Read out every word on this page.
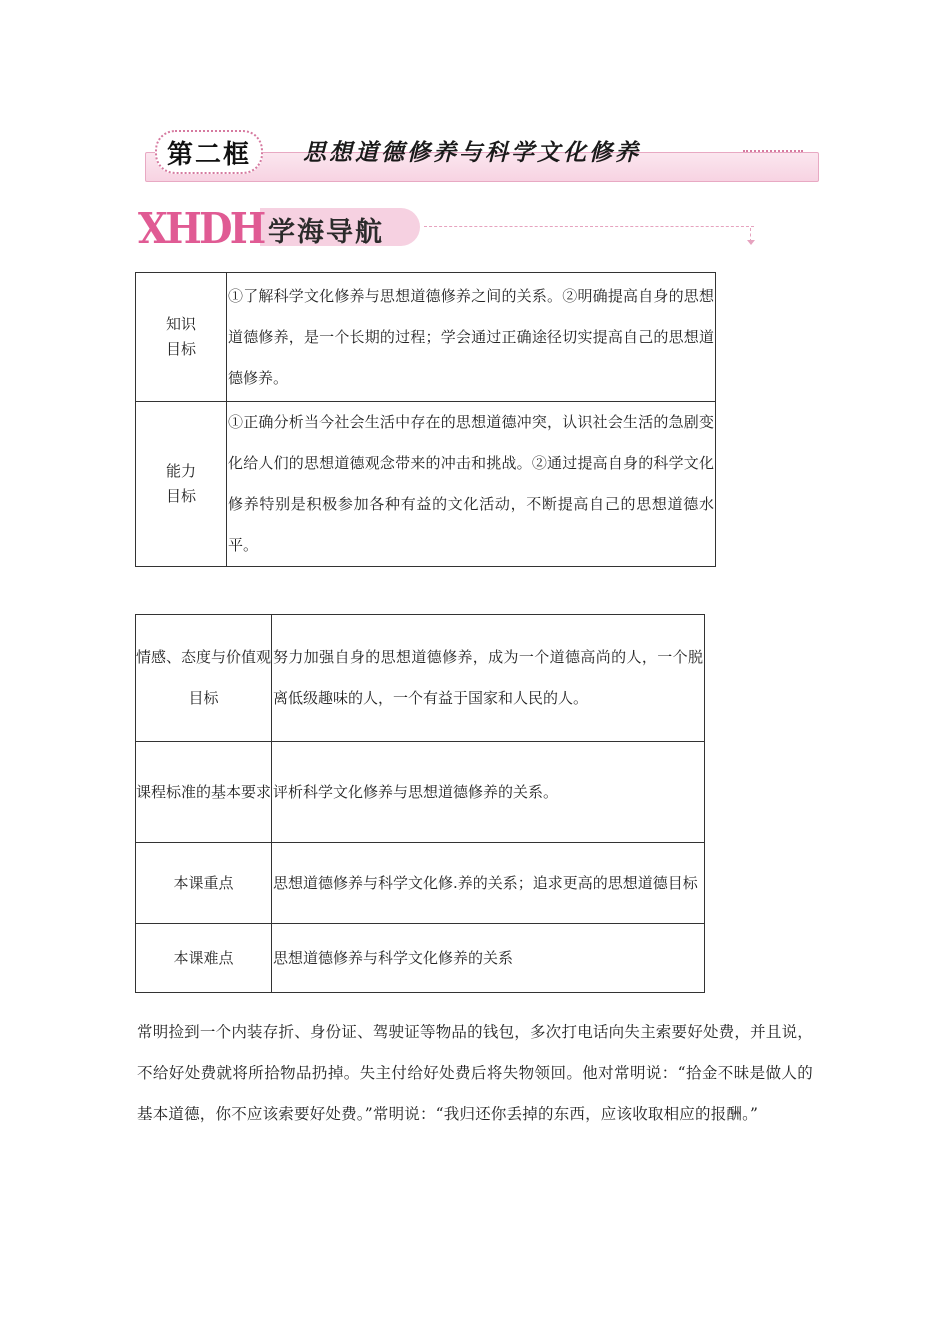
第二框 思想道德修养与科学文化修养
XHDH 学海导航
知识
目标	①了解科学文化修养与思想道德修养之间的关系。②明确提高自身的思想道德修养，是一个长期的过程；学会通过正确途径切实提高自己的思想道德修养。
能力
目标	①正确分析当今社会生活中存在的思想道德冲突，认识社会生活的急剧变化给人们的思想道德观念带来的冲击和挑战。②通过提高自身的科学文化修养特别是积极参加各种有益的文化活动，不断提高自己的思想道德水平。
情感、态度与价值观目标	努力加强自身的思想道德修养，成为一个道德高尚的人，一个脱离低级趣味的人，一个有益于国家和人民的人。
课程标准的基本要求	评析科学文化修养与思想道德修养的关系。
本课重点	思想道德修养与科学文化修.养的关系；追求更高的思想道德目标
本课难点	思想道德修养与科学文化修养的关系
常明捡到一个内装存折、身份证、驾驶证等物品的钱包，多次打电话向失主索要好处费，并且说，不给好处费就将所拾物品扔掉。失主付给好处费后将失物领回。他对常明说：“拾金不昧是做人的基本道德，你不应该索要好处费。”常明说：“我归还你丢掉的东西，应该收取相应的报酬。”
